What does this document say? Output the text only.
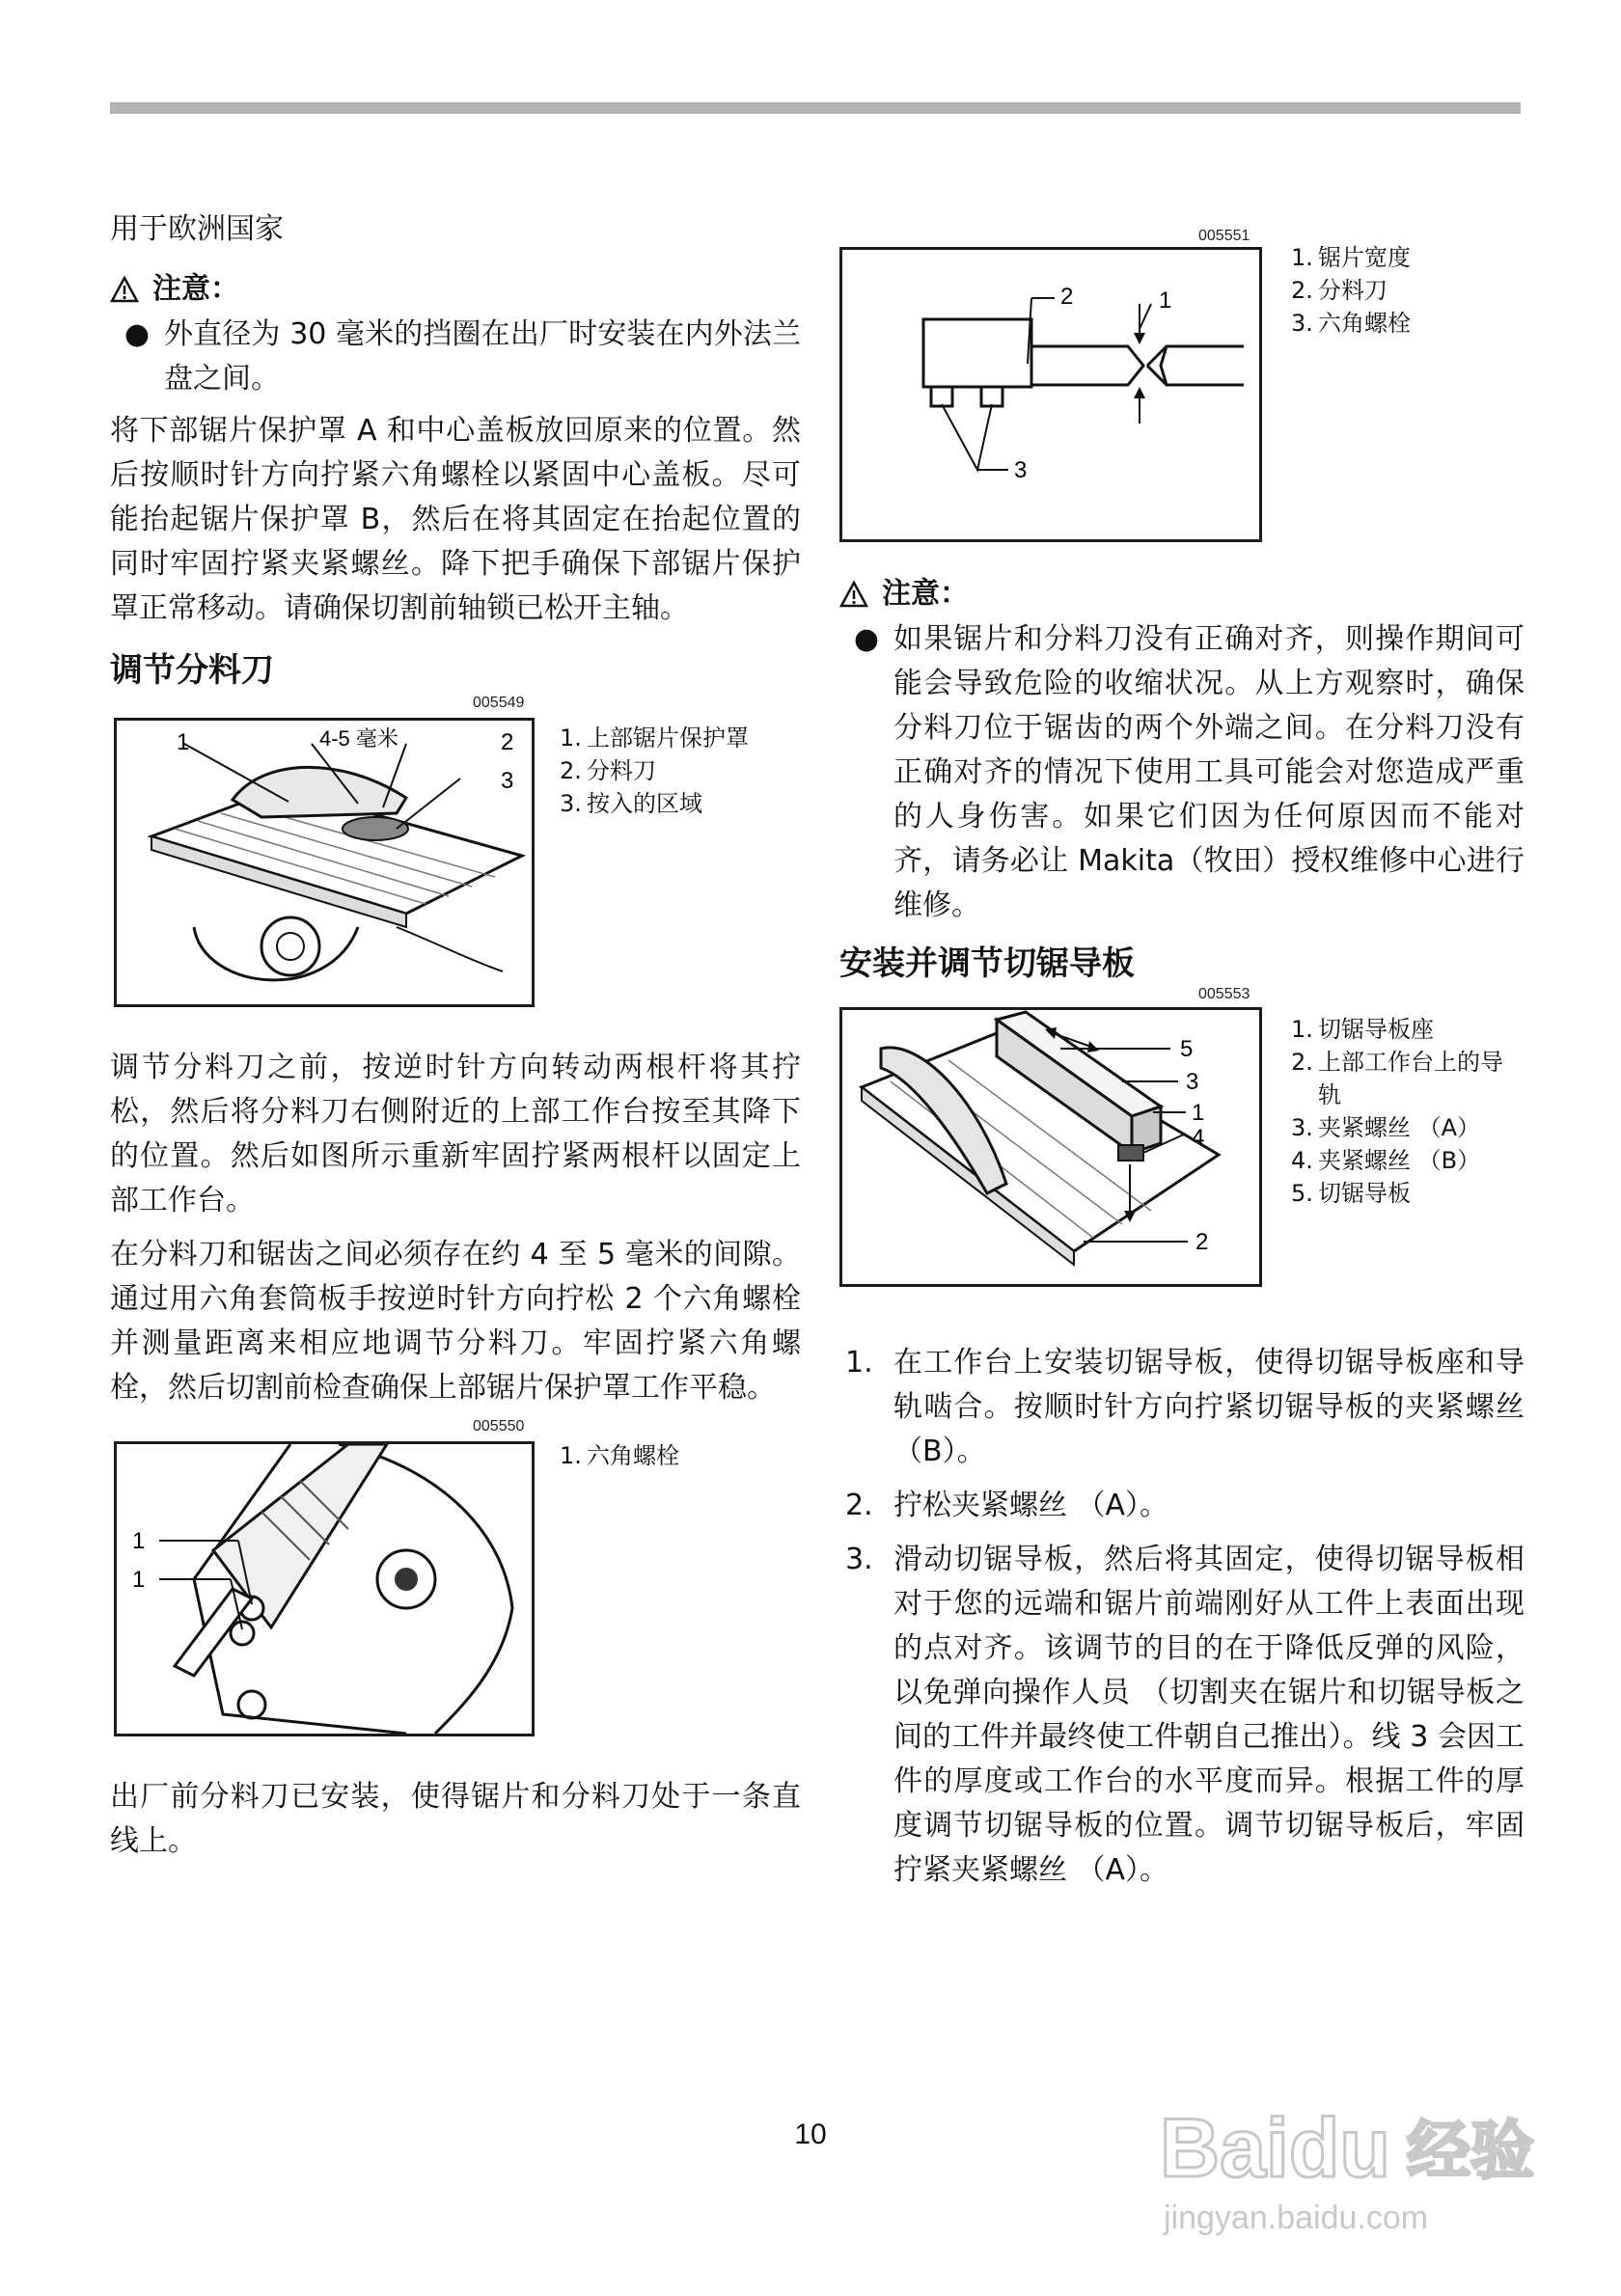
用于欧洲国家
注意：
● 外直径为 30 毫米的挡圈在出厂时安装在内外法兰盘之间。

将下部锯片保护罩 A 和中心盖板放回原来的位置。然后按顺时针方向拧紧六角螺栓以紧固中心盖板。尽可能抬起锯片保护罩 B，然后在将其固定在抬起位置的同时牢固拧紧夹紧螺丝。降下把手确保下部锯片保护罩正常移动。请确保切割前轴锁已松开主轴。

调节分料刀
005549
1	4-5 毫米	2
3
1. 上部锯片保护罩
2. 分料刀
3. 按入的区域

调节分料刀之前，按逆时针方向转动两根杆将其拧松，然后将分料刀右侧附近的上部工作台按至其降下的位置。然后如图所示重新牢固拧紧两根杆以固定上部工作台。

在分料刀和锯齿之间必须存在约 4 至 5 毫米的间隙。通过用六角套筒板手按逆时针方向拧松 2 个六角螺栓并测量距离来相应地调节分料刀。牢固拧紧六角螺栓，然后切割前检查确保上部锯片保护罩工作平稳。

005550
1
1
1. 六角螺栓

出厂前分料刀已安装，使得锯片和分料刀处于一条直线上。

005551
1
2
3
1. 锯片宽度
2. 分料刀
3. 六角螺栓
注意：
● 如果锯片和分料刀没有正确对齐，则操作期间可能会导致危险的收缩状况。从上方观察时，确保分料刀位于锯齿的两个外端之间。在分料刀没有正确对齐的情况下使用工具可能会对您造成严重的人身伤害。如果它们因为任何原因而不能对齐，请务必让 Makita（牧田）授权维修中心进行维修。
安装并调节切锯导板
005553
5
3
1
4
2
1. 切锯导板座
2. 上部工作台上的导轨
3. 夹紧螺丝 （A）
4. 夹紧螺丝 （B）
5. 切锯导板
1. 在工作台上安装切锯导板，使得切锯导板座和导轨啮合。按顺时针方向拧紧切锯导板的夹紧螺丝 （B）。
2. 拧松夹紧螺丝 （A）。
3. 滑动切锯导板，然后将其固定，使得切锯导板相对于您的远端和锯片前端刚好从工件上表面出现的点对齐。该调节的目的在于降低反弹的风险，以免弹向操作人员 （切割夹在锯片和切锯导板之间的工件并最终使工件朝自己推出）。线 3 会因工件的厚度或工作台的水平度而异。根据工件的厚度调节切锯导板的位置。调节切锯导板后，牢固拧紧夹紧螺丝 （A）。
10	Baidu 经验
jingyan.baidu.com
